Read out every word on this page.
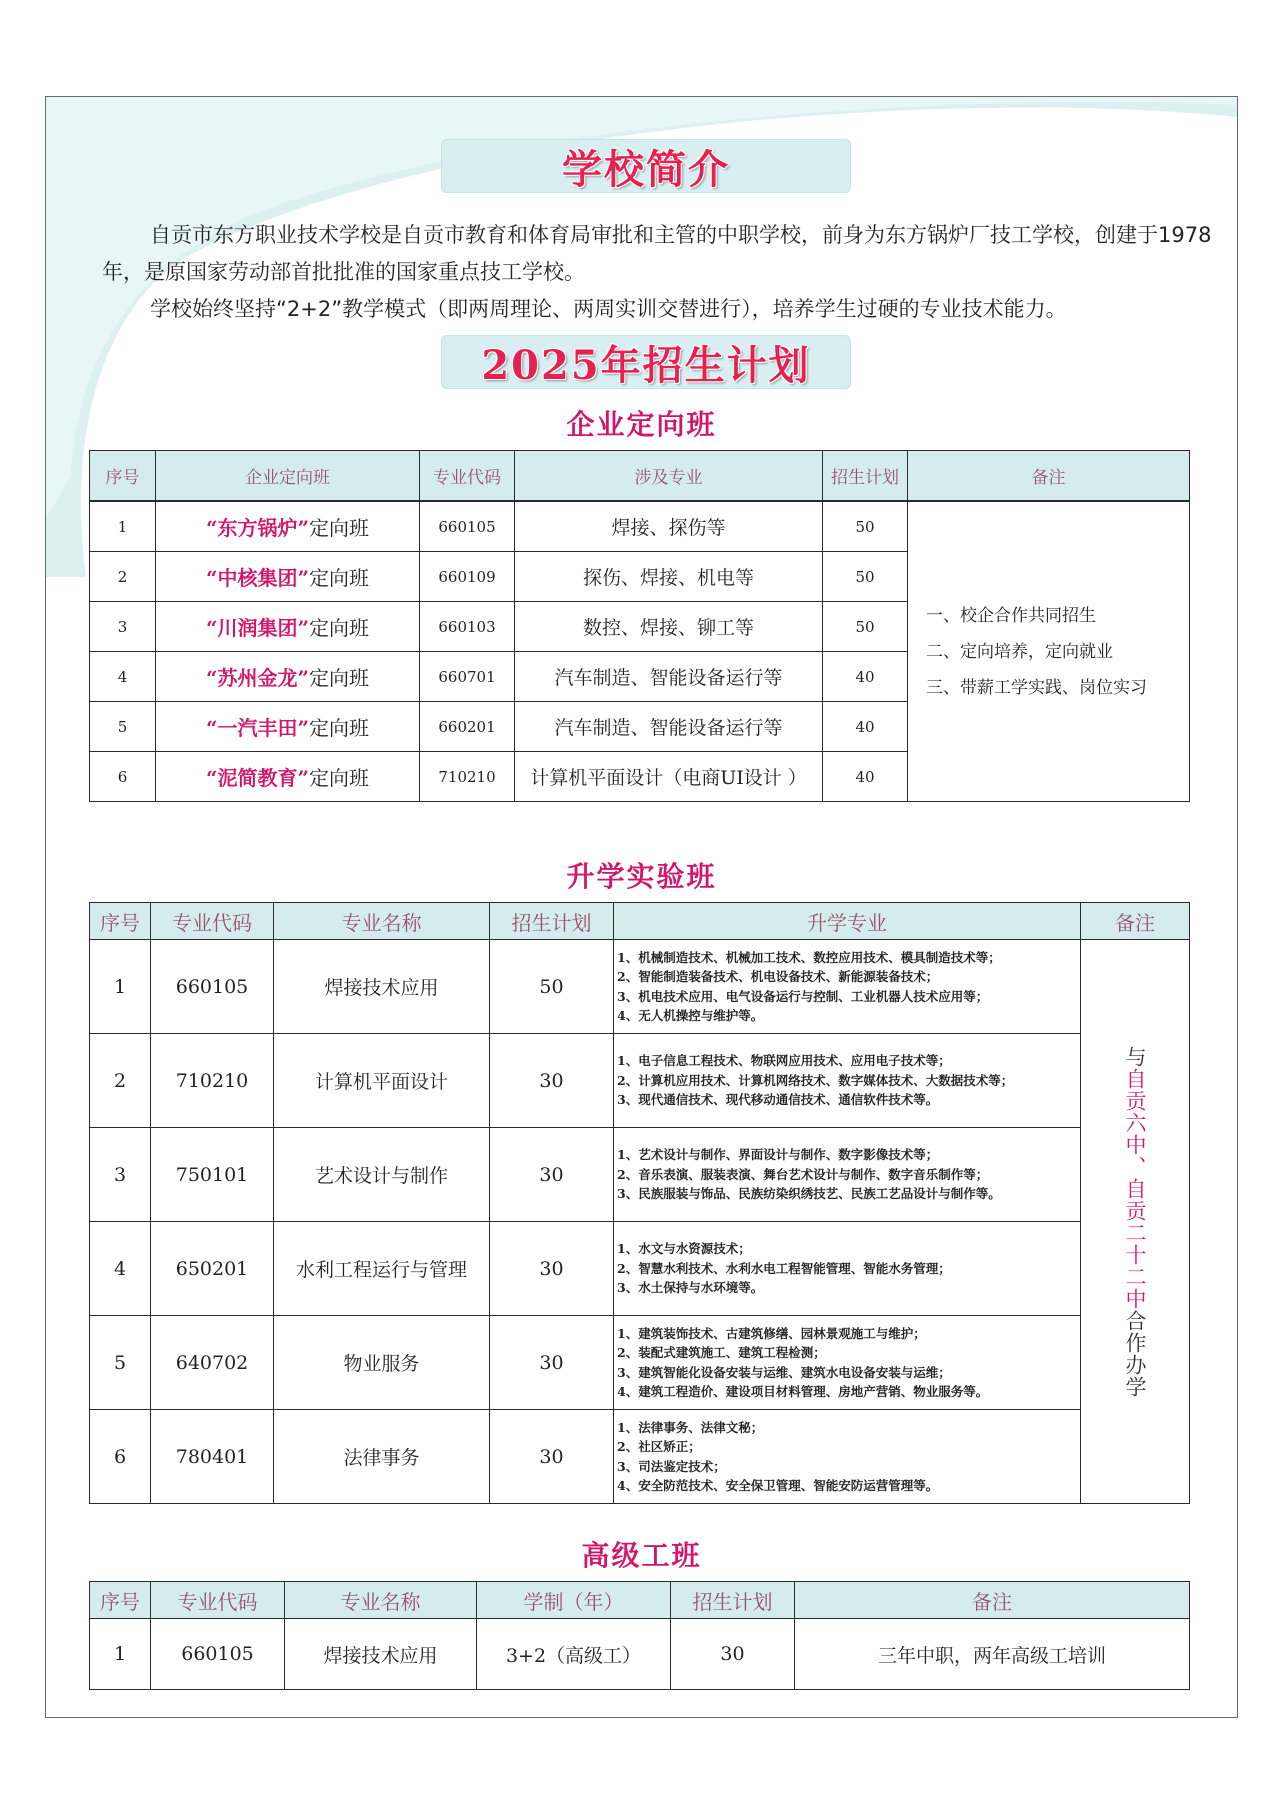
学校简介

自贡市东方职业技术学校是自贡市教育和体育局审批和主管的中职学校，前身为东方锅炉厂技工学校，创建于1978年，是原国家劳动部首批批准的国家重点技工学校。

学校始终坚持“2+2”教学模式（即两周理论、两周实训交替进行），培养学生过硬的专业技术能力。

2025年招生计划
企业定向班
序号	企业定向班	专业代码	涉及专业	招生计划	备注
1	“东方锅炉”定向班	660105	焊接、探伤等	50	一、校企合作共同招生
二、定向培养，定向就业
三、带薪工学实践、岗位实习

2	“中核集团”定向班	660109	探伤、焊接、机电等	50	
3	“川润集团”定向班	660103	数控、焊接、铆工等	50	
4	“苏州金龙”定向班	660701	汽车制造、智能设备运行等	40	
5	“一汽丰田”定向班	660201	汽车制造、智能设备运行等	40	
6	“泥简教育”定向班	710210	计算机平面设计（电商UI设计 ）	40	
升学实验班
序号	专业代码	专业名称	招生计划	升学专业	备注
1	660105	焊接技术应用	50	1、机械制造技术、机械加工技术、数控应用技术、模具制造技术等；
2、智能制造装备技术、机电设备技术、新能源装备技术；
3、机电技术应用、电气设备运行与控制、工业机器人技术应用等；
4、无人机操控与维护等。	与自贡六中、自贡二十二中合作办学

2	710210	计算机平面设计	30	1、电子信息工程技术、物联网应用技术、应用电子技术等；
2、计算机应用技术、计算机网络技术、数字媒体技术、大数据技术等；
3、现代通信技术、现代移动通信技术、通信软件技术等。	

3	750101	艺术设计与制作	30	1、艺术设计与制作、界面设计与制作、数字影像技术等；
2、音乐表演、服装表演、舞台艺术设计与制作、数字音乐制作等；
3、民族服装与饰品、民族纺染织绣技艺、民族工艺品设计与制作等。	

4	650201	水利工程运行与管理	30	1、水文与水资源技术；
2、智慧水利技术、水利水电工程智能管理、智能水务管理；
3、水土保持与水环境等。	

5	640702	物业服务	30	1、建筑装饰技术、古建筑修缮、园林景观施工与维护；
2、装配式建筑施工、建筑工程检测；
3、建筑智能化设备安装与运维、建筑水电设备安装与运维；
4、建筑工程造价、建设项目材料管理、房地产营销、物业服务等。	

6	780401	法律事务	30	1、法律事务、法律文秘；
2、社区矫正；
3、司法鉴定技术；
4、安全防范技术、安全保卫管理、智能安防运营管理等。	
高级工班
序号	专业代码	专业名称	学制（年）	招生计划	备注
1	660105	焊接技术应用	3+2（高级工）	30	三年中职，两年高级工培训
